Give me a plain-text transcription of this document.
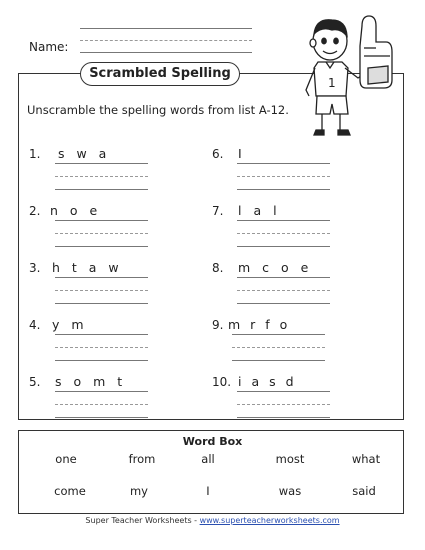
Name:
Scrambled Spelling
Unscramble the spelling words from list A-12.
1
1. s w a
2. n o e
3. h t a w
4. y m
5. s o m t
6. I
7. l a l
8. m c o e
9. m r f o
10. i a s d
Word Box
one	from	all	most	what
come	my	I	was	said
Super Teacher Worksheets - www.superteacherworksheets.com
